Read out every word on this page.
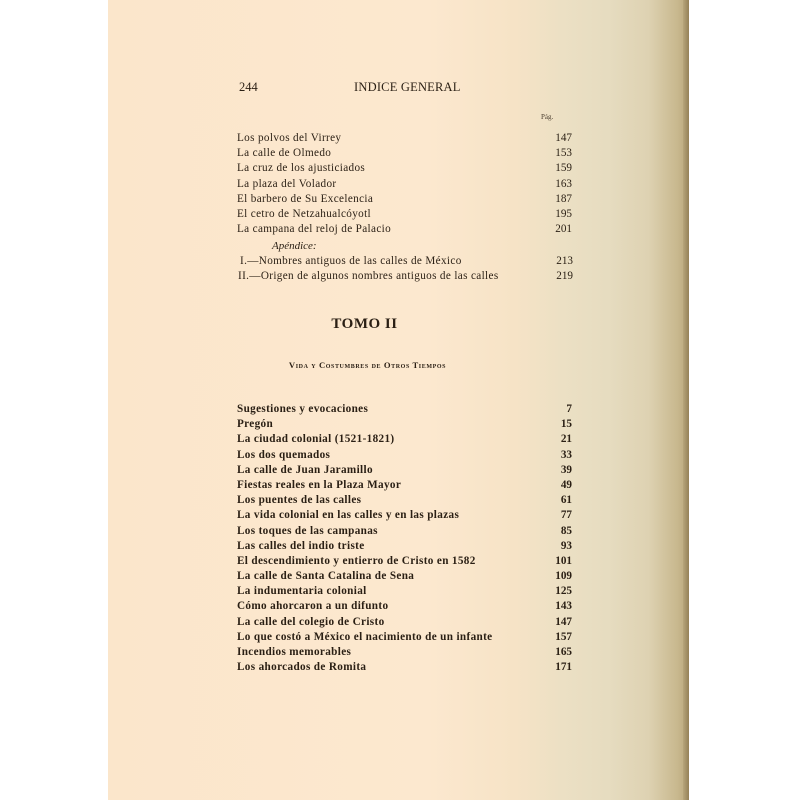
244	INDICE GENERAL
Pág.
Los polvos del Virrey	147
La calle de Olmedo	153
La cruz de los ajusticiados	159
La plaza del Volador	163
El barbero de Su Excelencia	187
El cetro de Netzahualcóyotl	195
La campana del reloj de Palacio	201
Apéndice:
I.—Nombres antiguos de las calles de México	213
II.—Origen de algunos nombres antiguos de las calles	219
TOMO II
Vida y Costumbres de Otros Tiempos
Sugestiones y evocaciones	7
Pregón	15
La ciudad colonial (1521-1821)	21
Los dos quemados	33
La calle de Juan Jaramillo	39
Fiestas reales en la Plaza Mayor	49
Los puentes de las calles	61
La vida colonial en las calles y en las plazas	77
Los toques de las campanas	85
Las calles del indio triste	93
El descendimiento y entierro de Cristo en 1582	101
La calle de Santa Catalina de Sena	109
La indumentaria colonial	125
Cómo ahorcaron a un difunto	143
La calle del colegio de Cristo	147
Lo que costó a México el nacimiento de un infante	157
Incendios memorables	165
Los ahorcados de Romita	171
